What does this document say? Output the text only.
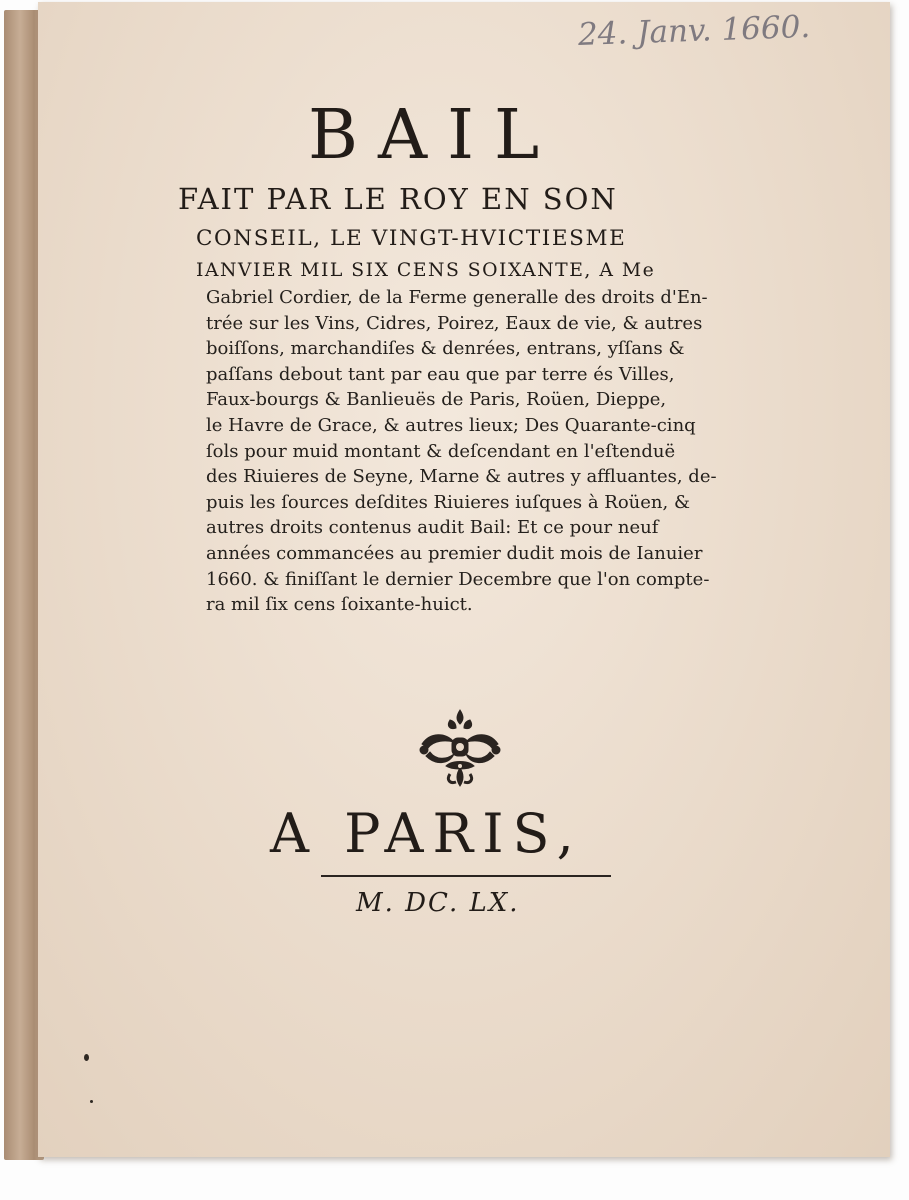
24. Janv. 1660.

BAIL

FAIT PAR LE ROY EN SON

CONSEIL, LE VINGT-HVICTIESME

IANVIER MIL SIX CENS SOIXANTE, A Me

Gabriel Cordier, de la Ferme generalle des droits d'En-
trée sur les Vins, Cidres, Poirez, Eaux de vie, & autres
boiſſons, marchandiſes & denrées, entrans, yſſans &
paſſans debout tant par eau que par terre és Villes,
Faux-bourgs & Banlieuës de Paris, Roüen, Dieppe,
le Havre de Grace, & autres lieux; Des Quarante-cinq
ſols pour muid montant & deſcendant en l'eſtenduë
des Riuieres de Seyne, Marne & autres y affluantes, de-
puis les ſources deſdites Riuieres iuſques à Roüen, &
autres droits contenus audit Bail: Et ce pour neuf
années commancées au premier dudit mois de Ianuier
1660. & finiſſant le dernier Decembre que l'on compte-
ra mil ſix cens ſoixante-huict.

A PARIS,

M. DC. LX.
